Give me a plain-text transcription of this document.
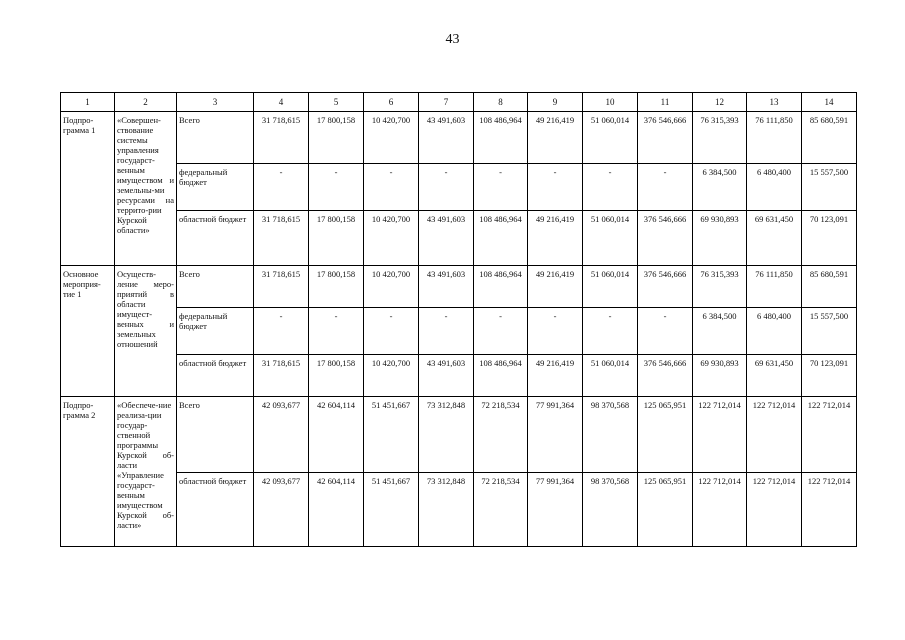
43
1	2	3	4	5	6	7	8	9	10	11	12	13	14
Подпро-грамма 1	«Совершен-ствование системы управления государст-венным имуществом и земельны-ми ресурсами на террито-рии Курской области»	Всего	31 718,615	17 800,158	10 420,700	43 491,603	108 486,964	49 216,419	51 060,014	376 546,666	76 315,393	76 111,850	85 680,591
		федеральный бюджет	-	-	-	-	-	-	-	-	6 384,500	6 480,400	15 557,500
		областной бюджет	31 718,615	17 800,158	10 420,700	43 491,603	108 486,964	49 216,419	51 060,014	376 546,666	69 930,893	69 631,450	70 123,091
Основное мероприя-тие 1	Осуществ-ление меро-приятий в области имущест-венных и земельных отношений	Всего	31 718,615	17 800,158	10 420,700	43 491,603	108 486,964	49 216,419	51 060,014	376 546,666	76 315,393	76 111,850	85 680,591
		федеральный бюджет	-	-	-	-	-	-	-	-	6 384,500	6 480,400	15 557,500
		областной бюджет	31 718,615	17 800,158	10 420,700	43 491,603	108 486,964	49 216,419	51 060,014	376 546,666	69 930,893	69 631,450	70 123,091
Подпро-грамма 2	«Обеспече-ние реализа-ции государ-ственной программы Курской об-ласти «Управление государст-венным имуществом Курской об-ласти»	Всего	42 093,677	42 604,114	51 451,667	73 312,848	72 218,534	77 991,364	98 370,568	125 065,951	122 712,014	122 712,014	122 712,014
		областной бюджет	42 093,677	42 604,114	51 451,667	73 312,848	72 218,534	77 991,364	98 370,568	125 065,951	122 712,014	122 712,014	122 712,014
